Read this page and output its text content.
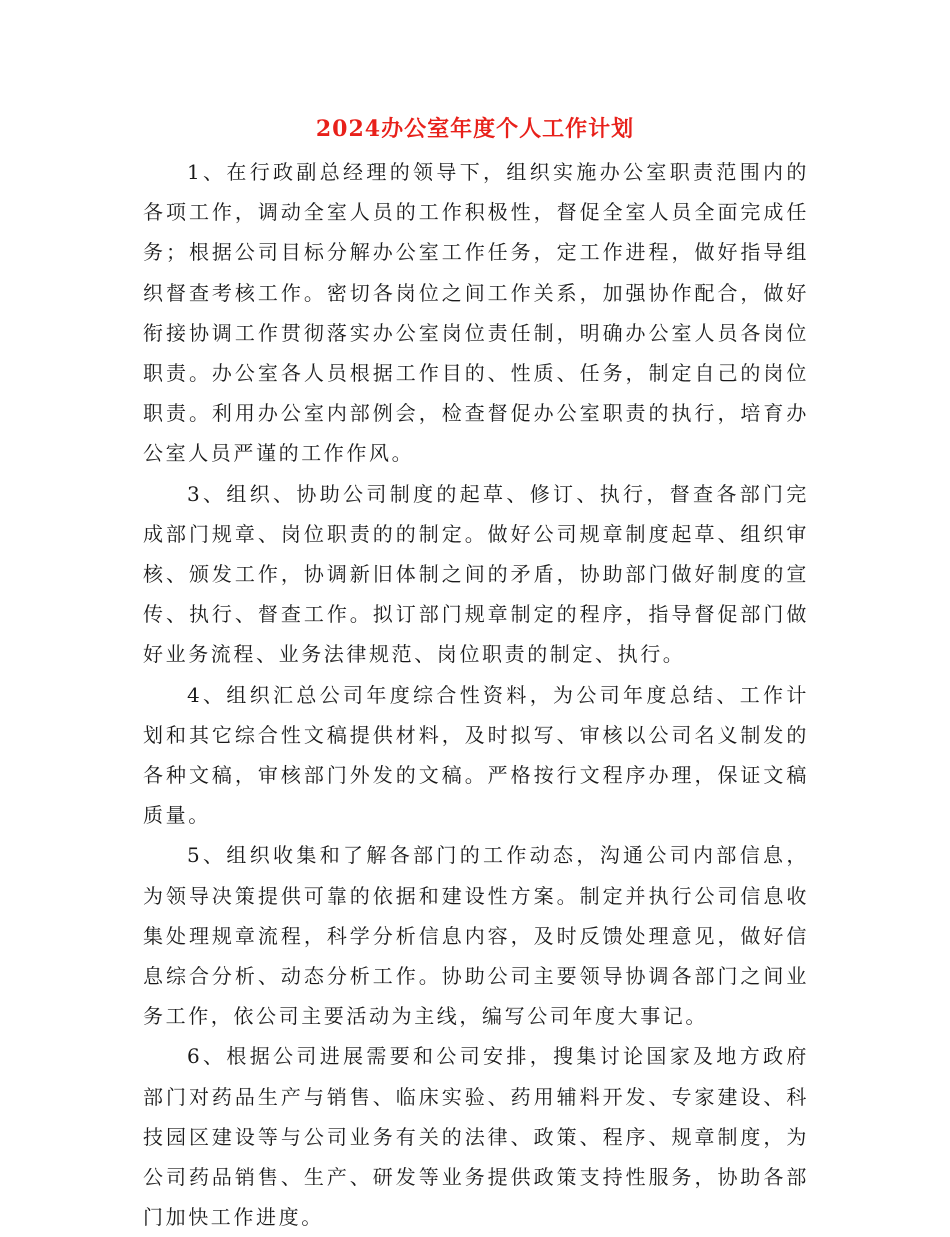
2024办公室年度个人工作计划

1、在行政副总经理的领导下，组织实施办公室职责范围内的各项工作，调动全室人员的工作积极性，督促全室人员全面完成任务；根据公司目标分解办公室工作任务，定工作进程，做好指导组织督查考核工作。密切各岗位之间工作关系，加强协作配合，做好衔接协调工作贯彻落实办公室岗位责任制，明确办公室人员各岗位职责。办公室各人员根据工作目的、性质、任务，制定自己的岗位职责。利用办公室内部例会，检查督促办公室职责的执行，培育办公室人员严谨的工作作风。

3、组织、协助公司制度的起草、修订、执行，督查各部门完成部门规章、岗位职责的的制定。做好公司规章制度起草、组织审核、颁发工作，协调新旧体制之间的矛盾，协助部门做好制度的宣传、执行、督查工作。拟订部门规章制定的程序，指导督促部门做好业务流程、业务法律规范、岗位职责的制定、执行。

4、组织汇总公司年度综合性资料，为公司年度总结、工作计划和其它综合性文稿提供材料，及时拟写、审核以公司名义制发的各种文稿，审核部门外发的文稿。严格按行文程序办理，保证文稿质量。

5、组织收集和了解各部门的工作动态，沟通公司内部信息，为领导决策提供可靠的依据和建设性方案。制定并执行公司信息收集处理规章流程，科学分析信息内容，及时反馈处理意见，做好信息综合分析、动态分析工作。协助公司主要领导协调各部门之间业务工作，依公司主要活动为主线，编写公司年度大事记。

6、根据公司进展需要和公司安排，搜集讨论国家及地方政府部门对药品生产与销售、临床实验、药用辅料开发、专家建设、科技园区建设等与公司业务有关的法律、政策、程序、规章制度，为公司药品销售、生产、研发等业务提供政策支持性服务，协助各部门加快工作进度。
